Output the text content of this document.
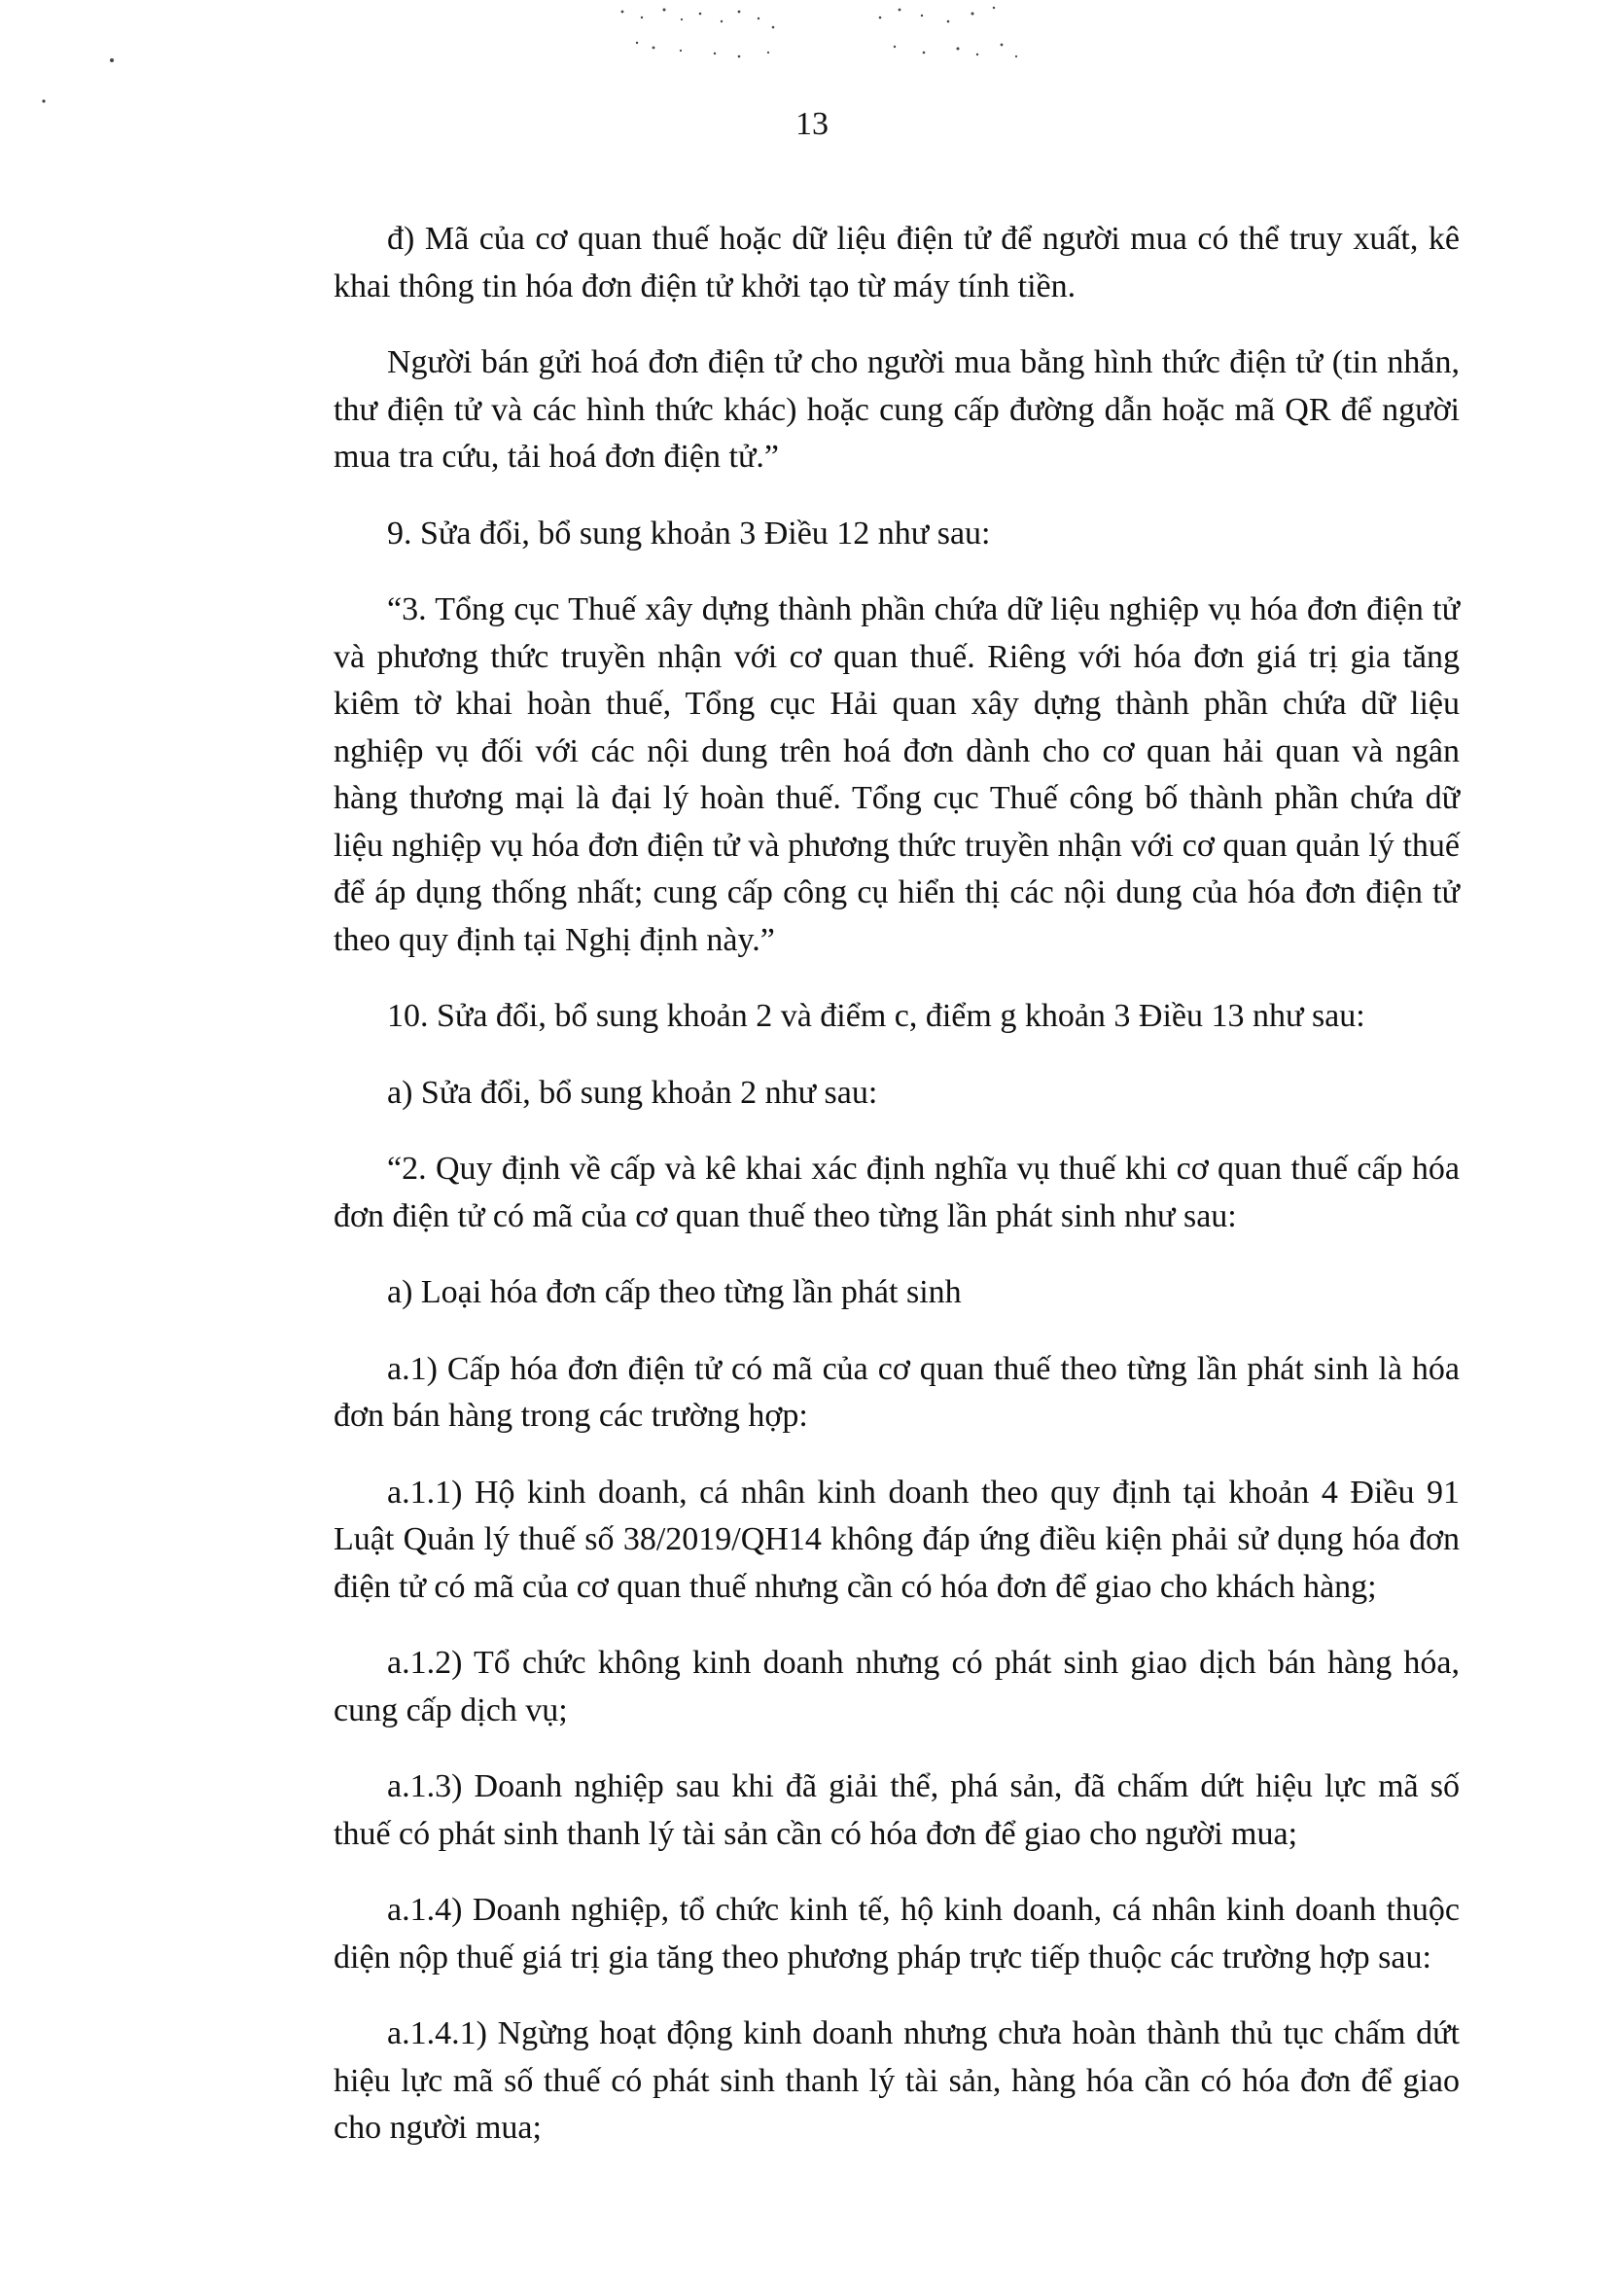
13

đ) Mã của cơ quan thuế hoặc dữ liệu điện tử để người mua có thể truy xuất, kê khai thông tin hóa đơn điện tử khởi tạo từ máy tính tiền.

Người bán gửi hoá đơn điện tử cho người mua bằng hình thức điện tử (tin nhắn, thư điện tử và các hình thức khác) hoặc cung cấp đường dẫn hoặc mã QR để người mua tra cứu, tải hoá đơn điện tử.”

9. Sửa đổi, bổ sung khoản 3 Điều 12 như sau:

“3. Tổng cục Thuế xây dựng thành phần chứa dữ liệu nghiệp vụ hóa đơn điện tử và phương thức truyền nhận với cơ quan thuế. Riêng với hóa đơn giá trị gia tăng kiêm tờ khai hoàn thuế, Tổng cục Hải quan xây dựng thành phần chứa dữ liệu nghiệp vụ đối với các nội dung trên hoá đơn dành cho cơ quan hải quan và ngân hàng thương mại là đại lý hoàn thuế. Tổng cục Thuế công bố thành phần chứa dữ liệu nghiệp vụ hóa đơn điện tử và phương thức truyền nhận với cơ quan quản lý thuế để áp dụng thống nhất; cung cấp công cụ hiển thị các nội dung của hóa đơn điện tử theo quy định tại Nghị định này.”

10. Sửa đổi, bổ sung khoản 2 và điểm c, điểm g khoản 3 Điều 13 như sau:

a) Sửa đổi, bổ sung khoản 2 như sau:

“2. Quy định về cấp và kê khai xác định nghĩa vụ thuế khi cơ quan thuế cấp hóa đơn điện tử có mã của cơ quan thuế theo từng lần phát sinh như sau:

a) Loại hóa đơn cấp theo từng lần phát sinh

a.1) Cấp hóa đơn điện tử có mã của cơ quan thuế theo từng lần phát sinh là hóa đơn bán hàng trong các trường hợp:

a.1.1) Hộ kinh doanh, cá nhân kinh doanh theo quy định tại khoản 4 Điều 91 Luật Quản lý thuế số 38/2019/QH14 không đáp ứng điều kiện phải sử dụng hóa đơn điện tử có mã của cơ quan thuế nhưng cần có hóa đơn để giao cho khách hàng;

a.1.2) Tổ chức không kinh doanh nhưng có phát sinh giao dịch bán hàng hóa, cung cấp dịch vụ;

a.1.3) Doanh nghiệp sau khi đã giải thể, phá sản, đã chấm dứt hiệu lực mã số thuế có phát sinh thanh lý tài sản cần có hóa đơn để giao cho người mua;

a.1.4) Doanh nghiệp, tổ chức kinh tế, hộ kinh doanh, cá nhân kinh doanh thuộc diện nộp thuế giá trị gia tăng theo phương pháp trực tiếp thuộc các trường hợp sau:

a.1.4.1) Ngừng hoạt động kinh doanh nhưng chưa hoàn thành thủ tục chấm dứt hiệu lực mã số thuế có phát sinh thanh lý tài sản, hàng hóa cần có hóa đơn để giao cho người mua;
